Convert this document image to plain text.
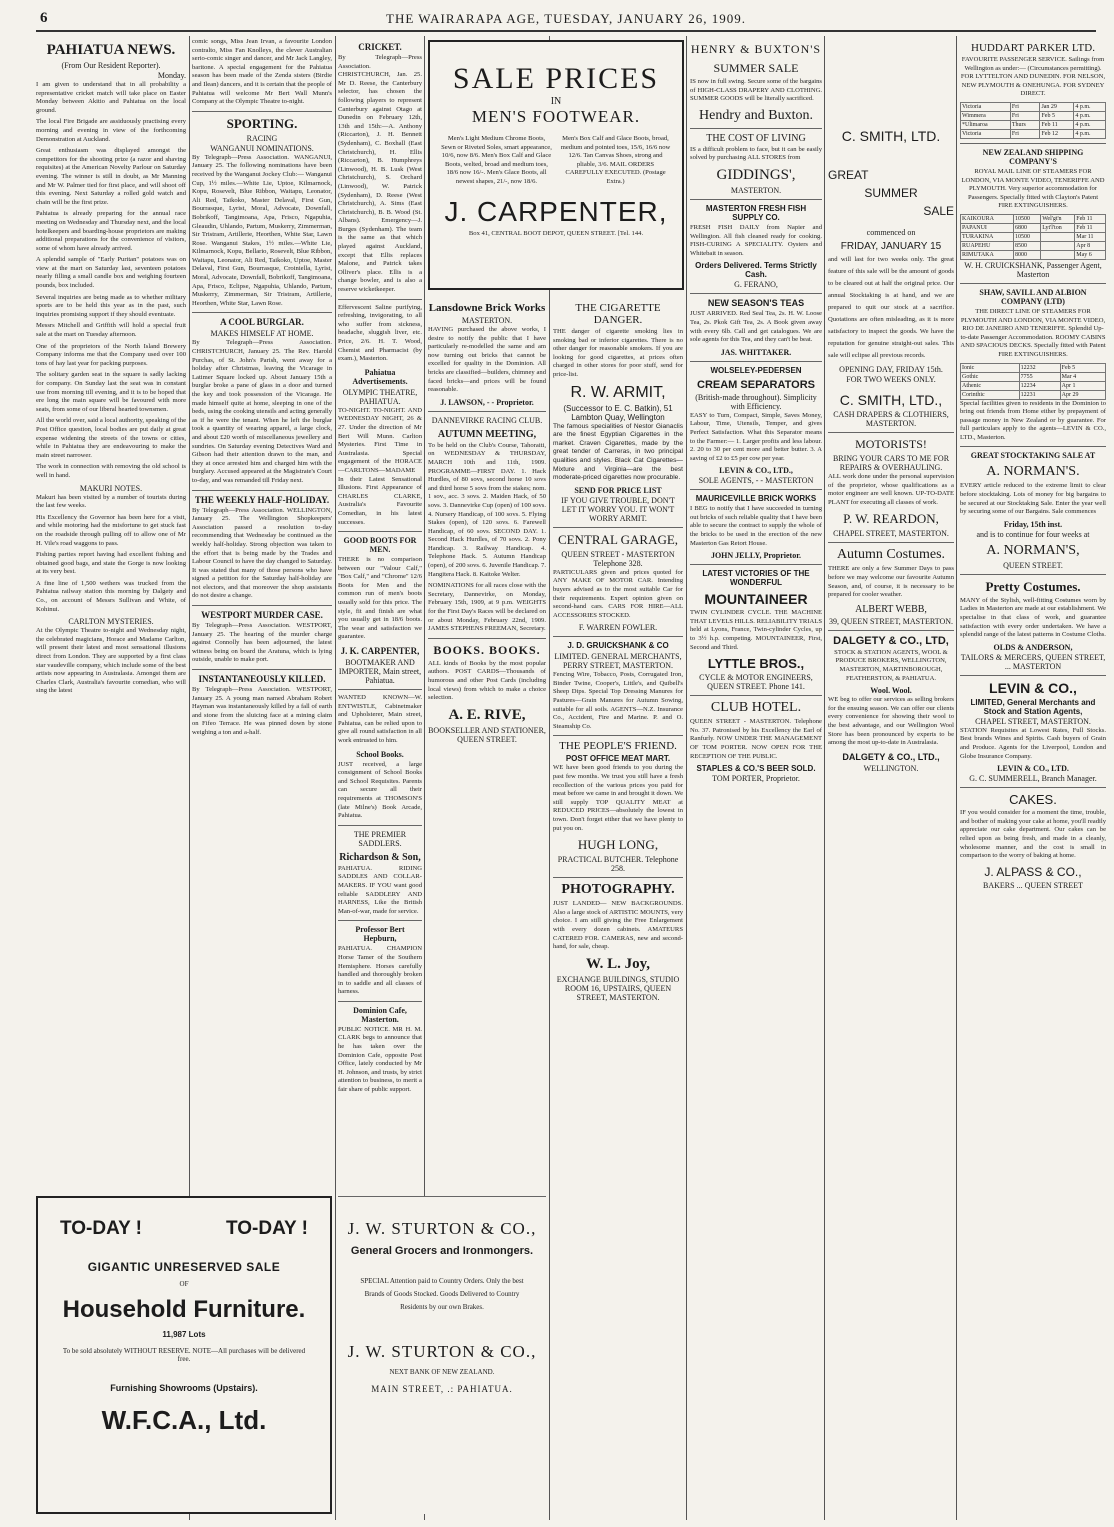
6	THE WAIRARAPA AGE, TUESDAY, JANUARY 26, 1909.
PAHIATUA NEWS.
(From Our Resident Reporter).
Monday.

I am given to understand that in all probability a representative cricket match will take place on Easter Monday between Akitio and Pahiatua on the local ground.

The local Fire Brigade are assiduously practising every morning and evening in view of the forthcoming Demonstration at Auckland.

Great enthusiasm was displayed amongst the competitors for the shooting prize (a razor and shaving requisites) at the American Novelty Parlour on Saturday evening. The winner is still in doubt, as Mr Manning and Mr W. Palmer tied for first place, and will shoot off this evening. Next Saturday a rolled gold watch and chain will be the first prize.

Pahiatua is already preparing for the annual race meeting on Wednesday and Thursday next, and the local hotelkeepers and boarding-house proprietors are making additional preparations for the convenience of visitors, some of whom have already arrived.

A splendid sample of "Early Puritan" potatoes was on view at the mart on Saturday last, seventeen potatoes nearly filling a small candle box and weighing fourteen pounds, box included.

Several inquiries are being made as to whether military sports are to be held this year as in the past, such inquiries promising support if they should eventuate.

Messrs Mitchell and Griffith will hold a special fruit sale at the mart on Tuesday afternoon.

One of the proprietors of the North Island Brewery Company informs me that the Company used over 100 tons of hay last year for packing purposes.

The solitary garden seat in the square is sadly lacking for company. On Sunday last the seat was in constant use from morning till evening, and it is to be hoped that ere long the main square will be favoured with more seats, from some of our liberal hearted townsmen.

All the world over, said a local authority, speaking of the Post Office question, local bodies are put daily at great expense widening the streets of the towns or cities, while in Pahiatua they are endeavouring to make the main street narrower.

The work in connection with removing the old school is well in hand.

MAKURI NOTES.

Makuri has been visited by a number of tourists during the last few weeks.

His Excellency the Governor has been here for a visit, and while motoring had the misfortune to get stuck fast on the roadside through pulling off to allow one of Mr H. Vile's road waggons to pass.

Fishing parties report having had excellent fishing and obtained good bags, and state the Gorge is now looking at its very best.

A fine line of 1,500 wethers was trucked from the Pahiatua railway station this morning by Dalgety and Co., on account of Messrs Sullivan and White, of Kohinui.

CARLTON MYSTERIES.

At the Olympic Theatre to-night and Wednesday night, the celebrated magicians, Horace and Madame Carlton, will present their latest and most sensational illusions direct from London. They are supported by a first class star vaudeville company, which include some of the best artists now appearing in Australasia. Amongst them are Charles Clark, Australia's favourite comedian, who will sing the latest

comic songs, Miss Jean Irvan, a favourite London contralto, Miss Fan Knolleys, the clever Australian serio-comic singer and dancer, and Mr Jack Langley, baritone. A special engagement for the Pahiatua season has been made of the Zenda sisters (Birdie and Ilean) dancers, and it is certain that the people of Pahiatua will welcome Mr Bert Wall Munn's Company at the Olympic Theatre to-night.

SPORTING.
RACING
WANGANUI NOMINATIONS.

By Telegraph—Press Association. WANGANUI, January 25. The following nominations have been received by the Wanganui Jockey Club:— Wanganui Cup, 1½ miles.—White Lie, Uptoe, Kilmarnock, Kopu, Rosevelt, Blue Ribbon, Waitapu, Leonator, Ali Red, Taikoko, Master Delaval, First Gun, Bourrasque, Lyrist, Moral, Advocate, Downfall, Bobrikoff, Tangimoana, Apa, Frisco, Ngapuhia, Gleaudin, Uhlando, Partum, Muskerry, Zimmerman, Sir Tristram, Artillerie, Heorthen, White Star, Lawn Rose. Wanganui Stakes, 1½ miles.—White Lie, Kilmarnock, Kopu, Bellario, Rosevelt, Blue Ribbon, Waitapu, Leonator, Ali Red, Taikoko, Uptoe, Master Delaval, First Gun, Bourrasque, Croiniella, Lyrist, Moral, Advocate, Downfall, Bobrikoff, Tangimoana, Apa, Frisco, Eclipse, Ngapuhia, Uhlando, Partum, Muskerry, Zimmerman, Sir Tristram, Artillerie, Heorthen, White Star, Lawn Rose.

A COOL BURGLAR.
MAKES HIMSELF AT HOME.

By Telegraph—Press Association. CHRISTCHURCH, January 25. The Rev. Harold Purchas, of St. John's Parish, went away for a holiday after Christmas, leaving the Vicarage in Latimer Square locked up. About January 15th a burglar broke a pane of glass in a door and turned the key and took possession of the Vicarage. He made himself quite at home, sleeping in one of the beds, using the cooking utensils and acting generally as if he were the tenant. When he left the burglar took a quantity of wearing apparel, a large clock, and about £20 worth of miscellaneous jewellery and sundries. On Saturday evening Detectives Ward and Gibson had their attention drawn to the man, and they at once arrested him and charged him with the burglary. Accused appeared at the Magistrate's Court to-day, and was remanded till Friday next.

THE WEEKLY HALF-HOLIDAY.

By Telegraph—Press Association. WELLINGTON, January 25. The Wellington Shopkeepers' Association passed a resolution to-day recommending that Wednesday be continued as the weekly half-holiday. Strong objection was taken to the effort that is being made by the Trades and Labour Council to have the day changed to Saturday. It was stated that many of those persons who have signed a petition for the Saturday half-holiday are not electors, and that moreover the shop assistants do not desire a change.

WESTPORT MURDER CASE.

By Telegraph—Press Association. WESTPORT, January 25. The hearing of the murder charge against Connolly has been adjourned, the latest witness being on board the Aratuna, which is lying outside, unable to make port.

INSTANTANEOUSLY KILLED.

By Telegraph—Press Association. WESTPORT, January 25. A young man named Abraham Robert Hayman was instantaneously killed by a fall of earth and stone from the sluicing face at a mining claim on Fifeo Terrace. He was pinned down by stone weighing a ton and a-half.

CRICKET.

By Telegraph—Press Association. CHRISTCHURCH, Jan. 25. Mr D. Reese, the Canterbury selector, has chosen the following players to represent Canterbury against Otago at Dunedin on February 12th, 13th and 15th:—A. Anthony (Riccarton), J. H. Bennett (Sydenham), C. Boxhall (East Christchurch), H. Ellis (Riccarton), B. Humphreys (Linwood), H. B. Lusk (West Christchurch), S. Orchard (Linwood), W. Patrick (Sydenham), D. Reese (West Christchurch), A. Sims (East Christchurch), B. B. Wood (St. Albans). Emergency—J. Burges (Sydenham). The team is the same as that which played against Auckland, except that Ellis replaces Malone, and Patrick takes Olliver's place. Ellis is a change bowler, and is also a reserve wicketkeeper.

Effervescent Saline purifying, refreshing, invigorating, to all who suffer from sickness, headache, sluggish liver, etc. Price, 2/6. H. T. Wood, Chemist and Pharmacist (by exam.), Masterton.

Pahiatua Advertisements.
OLYMPIC THEATRE, PAHIATUA.

TO-NIGHT. TO-NIGHT. AND WEDNESDAY NIGHT, 26 & 27. Under the direction of Mr Bert Will Munn. Carlton Mysteries. First Time in Australasia. Special engagement of the HORACE—CARLTONS—MADAME In their Latest Sensational Illusions. First Appearance of CHARLES CLARKE, Australia's Favourite Comedian, in his latest successes.

GOOD BOOTS FOR MEN.

THERE is no comparison between our "Valour Calf," "Box Calf," and "Chrome" 12/6 Boots for Men and the common run of men's boots usually sold for this price. The style, fit and finish are what you usually get in 18/6 boots. The wear and satisfaction we guarantee.

J. K. CARPENTER,
BOOTMAKER AND IMPORTER, Main street, Pahiatua.

WANTED KNOWN—W. ENTWISTLE, Cabinetmaker and Upholsterer, Main street, Pahiatua, can be relied upon to give all round satisfaction in all work entrusted to him.

School Books.

JUST received, a large consignment of School Books and School Requisites. Parents can secure all their requirements at THOMSON'S (late Milne's) Book Arcade, Pahiatua.

THE PREMIER SADDLERS.
Richardson & Son,

PAHIATUA. RIDING SADDLES AND COLLAR-MAKERS. IF YOU want good reliable SADDLERY AND HARNESS, Like the British Man-of-war, made for service.

Professor Bert Hepburn,

PAHIATUA. CHAMPION Horse Tamer of the Southern Hemisphere. Horses carefully handled and thoroughly broken in to saddle and all classes of harness.

Dominion Cafe, Masterton.

PUBLIC NOTICE. MR H. M. CLARK begs to announce that he has taken over the Dominion Cafe, opposite Post Office, lately conducted by Mr H. Johnson, and trusts, by strict attention to business, to merit a fair share of public support.

SALE PRICES
IN
MEN'S FOOTWEAR.

Men's Light Medium Chrome Boots, Sewn or Riveted Soles, smart appearance, 10/6, now 8/6. Men's Box Calf and Glace Boots, welted, broad and medium toes, 18/6 now 16/-. Men's Glace Boots, all newest shapes, 21/-, now 18/6.

Men's Box Calf and Glace Boots, broad, medium and pointed toes, 15/6, 16/6 now 12/6. Tan Canvas Shoes, strong and pliable, 3/6. MAIL ORDERS CAREFULLY EXECUTED. (Postage Extra.)

J. CARPENTER,
Box 41, CENTRAL BOOT DEPOT, QUEEN STREET. [Tel. 144.
Lansdowne Brick Works
MASTERTON.

HAVING purchased the above works, I desire to notify the public that I have particularly re-modelled the same and am now turning out bricks that cannot be excelled for quality in the Dominion. All bricks are classified—builders, chimney and faced bricks—and prices will be found reasonable.

J. LAWSON, - - Proprietor.
DANNEVIRKE RACING CLUB.
AUTUMN MEETING,

To be held on the Club's Course, Tahoraiti, on WEDNESDAY & THURSDAY, MARCH 10th and 11th, 1909. PROGRAMME—FIRST DAY. 1. Hack Hurdles, of 80 sovs, second horse 10 sovs and third horse 5 sovs from the stakes; nom. 1 sov., acc. 3 sovs. 2. Maiden Hack, of 50 sovs. 3. Dannevirke Cup (open) of 100 sovs. 4. Nursery Handicap, of 100 sovs. 5. Flying Stakes (open), of 120 sovs. 6. Farewell Handicap, of 60 sovs. SECOND DAY. 1. Second Hack Hurdles, of 70 sovs. 2. Pony Handicap. 3. Railway Handicap. 4. Telephone Hack. 5. Autumn Handicap (open), of 200 sovs. 6. Juvenile Handicap. 7. Hangitera Hack. 8. Kaitoke Welter.

NOMINATIONS for all races close with the Secretary, Dannevirke, on Monday, February 15th, 1909, at 9 p.m. WEIGHTS for the First Day's Races will be declared on or about Monday, February 22nd, 1909. JAMES STEPHENS FREEMAN, Secretary.

BOOKS. BOOKS.

ALL kinds of Books by the most popular authors. POST CARDS—Thousands of humorous and other Post Cards (including local views) from which to make a choice selection.

A. E. RIVE,
BOOKSELLER AND STATIONER, QUEEN STREET.
THE CIGARETTE DANGER.

THE danger of cigarette smoking lies in smoking bad or inferior cigarettes. There is no other danger for reasonable smokers. If you are looking for good cigarettes, at prices often charged in other stores for poor stuff, send for price-list.

R. W. ARMIT,
(Successor to E. C. Batkin), 51 Lambton Quay, Wellington

The famous specialities of Nestor Gianaclis are the finest Egyptian Cigarettes in the market. Craven Cigarettes, made by the great tender of Carreras, in two principal qualities and styles. Black Cat Cigarettes—Mixture and Virginia—are the best moderate-priced cigarettes now procurable.

SEND FOR PRICE LIST
IF YOU GIVE TROUBLE, DON'T LET IT WORRY YOU. IT WON'T WORRY ARMIT.
CENTRAL GARAGE,
QUEEN STREET - MASTERTON Telephone 328.

PARTICULARS given and prices quoted for ANY MAKE OF MOTOR CAR. Intending buyers advised as to the most suitable Car for their requirements. Expert opinion given on second-hand cars. CARS FOR HIRE—ALL ACCESSORIES STOCKED.

F. WARREN FOWLER.
J. D. GRUICKSHANK & CO
LIMITED. GENERAL MERCHANTS, PERRY STREET, MASTERTON.

Fencing Wire, Tobacco, Posts, Corrugated Iron, Binder Twine, Cooper's, Little's, and Quibell's Sheep Dips. Special Top Dressing Manures for Pastures—Grain Manures for Autumn Sowing, suitable for all soils. AGENTS—N.Z. Insurance Co., Accident, Fire and Marine. P. and O. Steamship Co.

THE PEOPLE'S FRIEND.
POST OFFICE MEAT MART.

WE have been good friends to you during the past few months. We trust you still have a fresh recollection of the various prices you paid for meat before we came in and brought it down. We still supply TOP QUALITY MEAT at REDUCED PRICES—absolutely the lowest in town. Don't forget either that we have plenty to put you on.

HUGH LONG,
PRACTICAL BUTCHER. Telephone 258.
PHOTOGRAPHY.

JUST LANDED— NEW BACKGROUNDS. Also a large stock of ARTISTIC MOUNTS, very choice. I am still giving the Free Enlargement with every dozen cabinets. AMATEURS CATERED FOR. CAMERAS, new and second-hand, for sale, cheap.

W. L. Joy,
EXCHANGE BUILDINGS, STUDIO ROOM 16, UPSTAIRS, QUEEN STREET, MASTERTON.
HENRY & BUXTON'S
SUMMER SALE

IS now in full swing. Secure some of the bargains of HIGH-CLASS DRAPERY AND CLOTHING. SUMMER GOODS will be literally sacrificed.

Hendry and Buxton.
THE COST OF LIVING

IS a difficult problem to face, but it can be easily solved by purchasing ALL STORES from

GIDDINGS',
MASTERTON.
MASTERTON FRESH FISH SUPPLY CO.

FRESH FISH DAILY from Napier and Wellington. All fish cleaned ready for cooking. FISH-CURING A SPECIALITY. Oysters and Whitebait in season.

Orders Delivered. Terms Strictly Cash.
G. FERANO,
NEW SEASON'S TEAS

JUST ARRIVED. Red Seal Tea, 2s. H. W. Loose Tea, 2s. Pkok Gift Tea, 2s. A Book given away with every 6lb. Call and get catalogues. We are sole agents for this Tea, and they can't be beat.

JAS. WHITTAKER.
WOLSELEY-PEDERSEN
CREAM SEPARATORS
(British-made throughout). Simplicity with Efficiency.

EASY to Turn, Compact, Simple, Saves Money, Labour, Time, Utensils, Temper, and gives Perfect Satisfaction. What this Separator means to the Farmer:— 1. Larger profits and less labour. 2. 20 to 30 per cent more and better butter. 3. A saving of £2 to £5 per cow per year.

LEVIN & CO., LTD.,
SOLE AGENTS, - - MASTERTON
MAURICEVILLE BRICK WORKS

I BEG to notify that I have succeeded in turning out bricks of such reliable quality that I have been able to secure the contract to supply the whole of the bricks to be used in the erection of the new Masterton Gas Retort House.

JOHN JELLY, Proprietor.
LATEST VICTORIES OF THE WONDERFUL
MOUNTAINEER

TWIN CYLINDER CYCLE. THE MACHINE THAT LEVELS HILLS. RELIABILITY TRIALS held at Lyons, France, Twin-cylinder Cycles, up to 3½ h.p. competing. MOUNTAINEER, First, Second and Third.

LYTTLE BROS.,
CYCLE & MOTOR ENGINEERS, QUEEN STREET. Phone 141.
CLUB HOTEL.

QUEEN STREET - MASTERTON. Telephone No. 37. Patronised by his Excellency the Earl of Ranfurly. NOW UNDER THE MANAGEMENT OF TOM PORTER. NOW OPEN FOR THE RECEPTION OF THE PUBLIC.

STAPLES & CO.'S BEER SOLD.
TOM PORTER, Proprietor.
C. SMITH, LTD.
GREAT
SUMMER
SALE
commenced on
FRIDAY, JANUARY 15

and will last for two weeks only. The great feature of this sale will be the amount of goods to be cleared out at half the original price. Our annual Stocktaking is at hand, and we are prepared to quit our stock at a sacrifice. Quotations are often misleading, as it is more satisfactory to inspect the goods. We have the reputation for genuine straight-out sales. This sale will eclipse all previous records.

OPENING DAY, FRIDAY 15th.
FOR TWO WEEKS ONLY.
C. SMITH, LTD.,
CASH DRAPERS & CLOTHIERS, MASTERTON.
MOTORISTS!
BRING YOUR CARS TO ME FOR REPAIRS & OVERHAULING.

ALL work done under the personal supervision of the proprietor, whose qualifications as a motor engineer are well known. UP-TO-DATE PLANT for executing all classes of work.

P. W. REARDON,
CHAPEL STREET, MASTERTON.
Autumn Costumes.

THERE are only a few Summer Days to pass before we may welcome our favourite Autumn Season, and, of course, it is necessary to be prepared for cooler weather.

ALBERT WEBB,
39, QUEEN STREET, MASTERTON.
DALGETY & CO., LTD,

STOCK & STATION AGENTS, WOOL & PRODUCE BROKERS, WELLINGTON, MASTERTON, MARTINBOROUGH, FEATHERSTON, & PAHIATUA.

Wool. Wool.

WE beg to offer our services as selling brokers for the ensuing season. We can offer our clients every convenience for showing their wool to the best advantage, and our Wellington Wool Store has been pronounced by experts to be among the most up-to-date in Australasia.

DALGETY & CO., LTD.,
WELLINGTON.
HUDDART PARKER LTD.

FAVOURITE PASSENGER SERVICE. Sailings from Wellington as under:— (Circumstances permitting). FOR LYTTELTON AND DUNEDIN. FOR NELSON, NEW PLYMOUTH & ONEHUNGA. FOR SYDNEY DIRECT.

Victoria	Fri	Jan 29	4 p.m.
Wimmera	Fri	Feb 5	4 p.m.
*Ulimaroa	Thurs	Feb 11	4 p.m.
Victoria	Fri	Feb 12	4 p.m.
NEW ZEALAND SHIPPING COMPANY'S

ROYAL MAIL LINE OF STEAMERS FOR LONDON, VIA MONTE VIDEO, TENERIFFE AND PLYMOUTH. Very superior accommodation for Passengers. Specially fitted with Clayton's Patent FIRE EXTINGUISHERS.

KAIKOURA	10500	Wel'gt'n	Feb 11
PAPANUI	6800	Lyt'l'ton	Feb 11
TURAKINA	10500		Mar 11
RUAPEHU	8500		Apr 8
RIMUTAKA	8000		May 6
W. H. CRUICKSHANK, Passenger Agent, Masterton
SHAW, SAVILL AND ALBION COMPANY (LTD)

THE DIRECT LINE OF STEAMERS FOR PLYMOUTH AND LONDON, VIA MONTE VIDEO, RIO DE JANEIRO AND TENERIFFE. Splendid Up-to-date Passenger Accommodation. ROOMY CABINS AND SPACIOUS DECKS. Specially fitted with Patent FIRE EXTINGUISHERS.

Ionic	12232	Feb 5
Gothic	7755	Mar 4
Athenic	12234	Apr 1
Corinthic	12231	Apr 29

Special facilities given to residents in the Dominion to bring out friends from Home either by prepayment of passage money in New Zealand or by guarantee. For full particulars apply to the agents—LEVIN & CO., LTD., Masterton.

GREAT STOCKTAKING SALE AT
A. NORMAN'S.

EVERY article reduced to the extreme limit to clear before stocktaking. Lots of money for big bargains to be secured at our Stocktaking Sale. Enter the year well by securing some of our Bargains. Sale commences

Friday, 15th inst.
and is to continue for four weeks at
A. NORMAN'S,
QUEEN STREET.
Pretty Costumes.

MANY of the Stylish, well-fitting Costumes worn by Ladies in Masterton are made at our establishment. We specialise in that class of work, and guarantee satisfaction with every order undertaken. We have a splendid range of the latest patterns in Costume Cloths.

OLDS & ANDERSON,
TAILORS & MERCERS, QUEEN STREET, ... MASTERTON
LEVIN & CO.,
LIMITED, General Merchants and Stock and Station Agents,
CHAPEL STREET, MASTERTON.

STATION Requisites at Lowest Rates, Full Stocks. Best brands Wines and Spirits. Cash buyers of Grain and Produce. Agents for the Liverpool, London and Globe Insurance Company.

LEVIN & CO., LTD.
G. C. SUMMERELL, Branch Manager.
CAKES.

IF you would consider for a moment the time, trouble, and bother of making your cake at home, you'll readily appreciate our cake department. Our cakes can be relied upon as being fresh, and made in a cleanly, wholesome manner, and the cost is small in comparison to the worry of baking at home.

J. ALPASS & CO.,
BAKERS ... QUEEN STREET
TO-DAY !	TO-DAY !
GIGANTIC UNRESERVED SALE
OF
Household Furniture.
11,987 Lots
To be sold absolutely WITHOUT RESERVE. NOTE—All purchases will be delivered free.
Furnishing Showrooms (Upstairs).
W.F.C.A., Ltd.
J. W. STURTON & CO.,
General Grocers and Ironmongers.

SPECIAL Attention paid to Country Orders. Only the best Brands of Goods Stocked. Goods Delivered to Country Residents by our own Brakes.

J. W. STURTON & CO.,
NEXT BANK OF NEW ZEALAND.
MAIN STREET, .: PAHIATUA.
